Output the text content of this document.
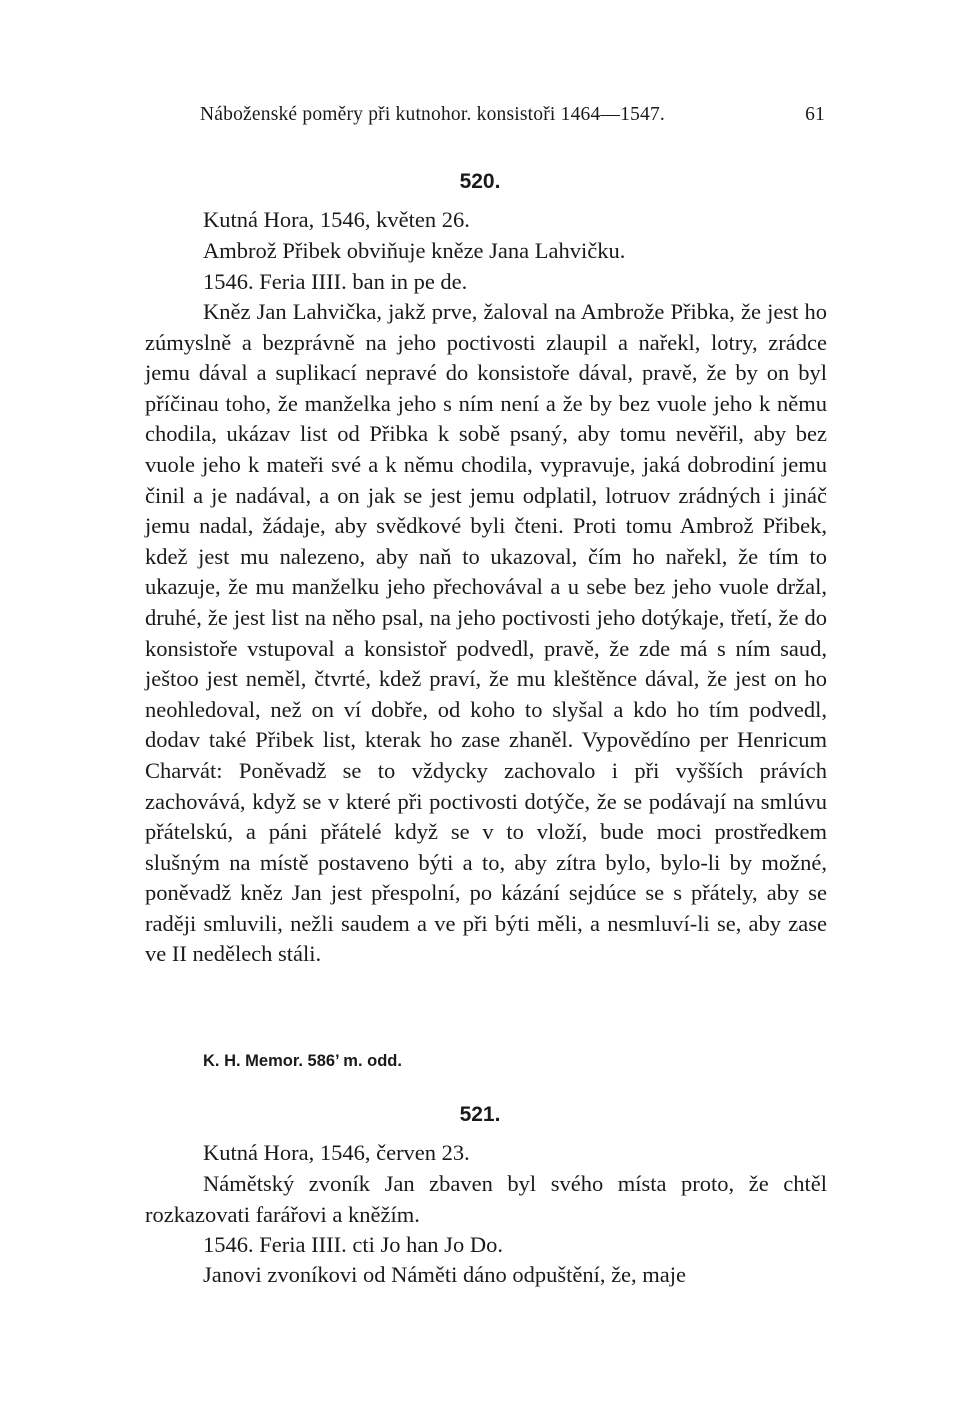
Náboženské poměry při kutnohor. konsistoři 1464—1547.	61
520.
Kutná Hora, 1546, květen 26.
Ambrož Přibek obviňuje kněze Jana Lahvičku.
1546. Feria IIII. ban in pe de.

Kněz Jan Lahvička, jakž prve, žaloval na Ambrože Přibka, že jest ho zúmyslně a bezprávně na jeho poctivosti zlaupil a nařekl, lotry, zrádce jemu dával a suplikací nepravé do konsistoře dával, pravě, že by on byl příčinau toho, že manželka jeho s ním není a že by bez vuole jeho k němu chodila, ukázav list od Přibka k sobě psaný, aby tomu nevěřil, aby bez vuole jeho k mateři své a k němu chodila, vypravuje, jaká dobrodiní jemu činil a je nadával, a on jak se jest jemu odplatil, lotruov zrádných i jináč jemu nadal, žádaje, aby svědkové byli čteni. Proti tomu Ambrož Přibek, kdež jest mu nalezeno, aby naň to ukazoval, čím ho nařekl, že tím to ukazuje, že mu manželku jeho přechovával a u sebe bez jeho vuole držal, druhé, že jest list na něho psal, na jeho poctivosti jeho dotýkaje, třetí, že do konsistoře vstupoval a konsistoř podvedl, pravě, že zde má s ním saud, ještoo jest neměl, čtvrté, kdež praví, že mu kleštěnce dával, že jest on ho neohledoval, než on ví dobře, od koho to slyšal a kdo ho tím podvedl, dodav také Přibek list, kterak ho zase zhaněl. Vypovědíno per Henricum Charvát: Poněvadž se to vždycky zachovalo i při vyšších právích zachovává, když se v které při poctivosti dotýče, že se podávají na smlúvu přátelskú, a páni přátelé když se v to vloží, bude moci prostředkem slušným na místě postaveno býti a to, aby zítra bylo, bylo-li by možné, poněvadž kněz Jan jest přespolní, po kázání sejdúce se s přátely, aby se raději smluvili, nežli saudem a ve při býti měli, a nesmluví-li se, aby zase ve II nedělech stáli.

K. H. Memor. 586’ m. odd.
521.
Kutná Hora, 1546, červen 23.

Námětský zvoník Jan zbaven byl svého místa proto, že chtěl rozkazovati farářovi a kněžím.

1546. Feria IIII. cti Jo han Jo Do.
Janovi zvoníkovi od Náměti dáno odpuštění, že, maje
